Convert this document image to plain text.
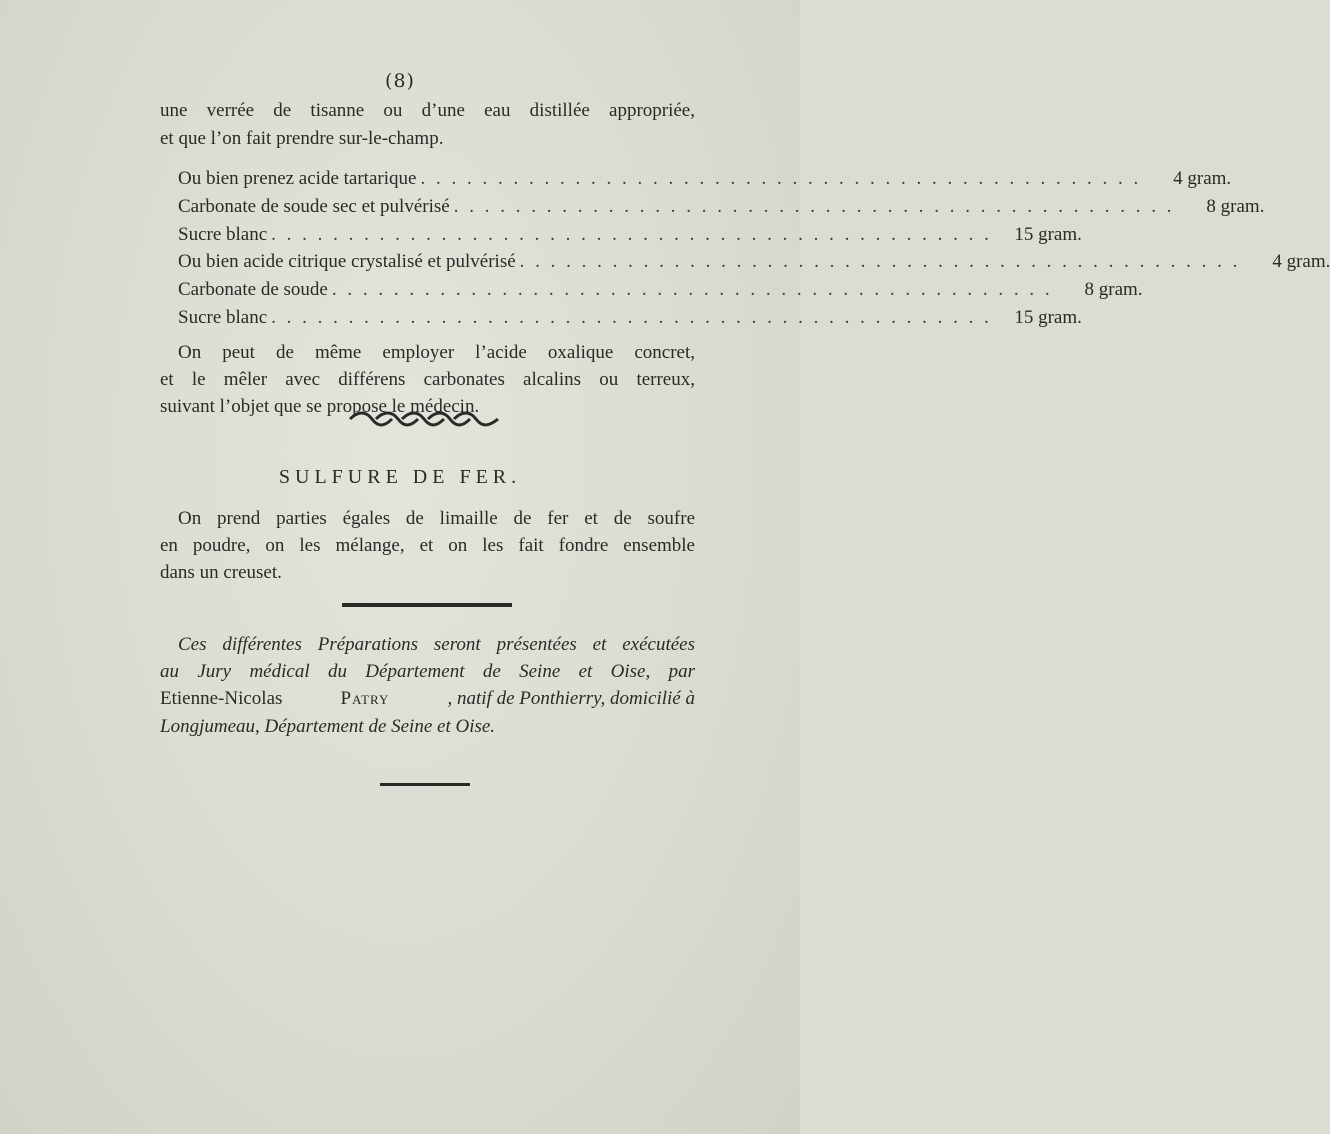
(8)
une verrée de tisanne ou d’une eau distillée appropriée,
et que l’on fait prendre sur-le-champ.
Ou bien prenez acide tartarique . . . . . . . . . . . . . . . . . . . . . . . . . . . . . . . . . . . . . . . . . . . . . . .	4 gram.
Carbonate de soude sec et pulvérisé . . . . . . . . . . . . . . . . . . . . . . . . . . . . . . . . . . . . . . . . . . . . . . .	8 gram.
Sucre blanc . . . . . . . . . . . . . . . . . . . . . . . . . . . . . . . . . . . . . . . . . . . . . . .	15 gram.
Ou bien acide citrique crystalisé et pulvérisé . . . . . . . . . . . . . . . . . . . . . . . . . . . . . . . . . . . . . . . . . . . . . . .	4 gram.
Carbonate de soude . . . . . . . . . . . . . . . . . . . . . . . . . . . . . . . . . . . . . . . . . . . . . . .	8 gram.
Sucre blanc . . . . . . . . . . . . . . . . . . . . . . . . . . . . . . . . . . . . . . . . . . . . . . .	15 gram.
On peut de même employer l’acide oxalique concret,
et le mêler avec différens carbonates alcalins ou terreux,
suivant l’objet que se propose le médecin.
SULFURE DE FER.
On prend parties égales de limaille de fer et de soufre
en poudre, on les mélange, et on les fait fondre ensemble
dans un creuset.
Ces différentes Préparations seront présentées et exécutées
au Jury médical du Département de Seine et Oise, par
Etienne-Nicolas	Patry	, natif de Ponthierry, domicilié à
Longjumeau, Département de Seine et Oise.
